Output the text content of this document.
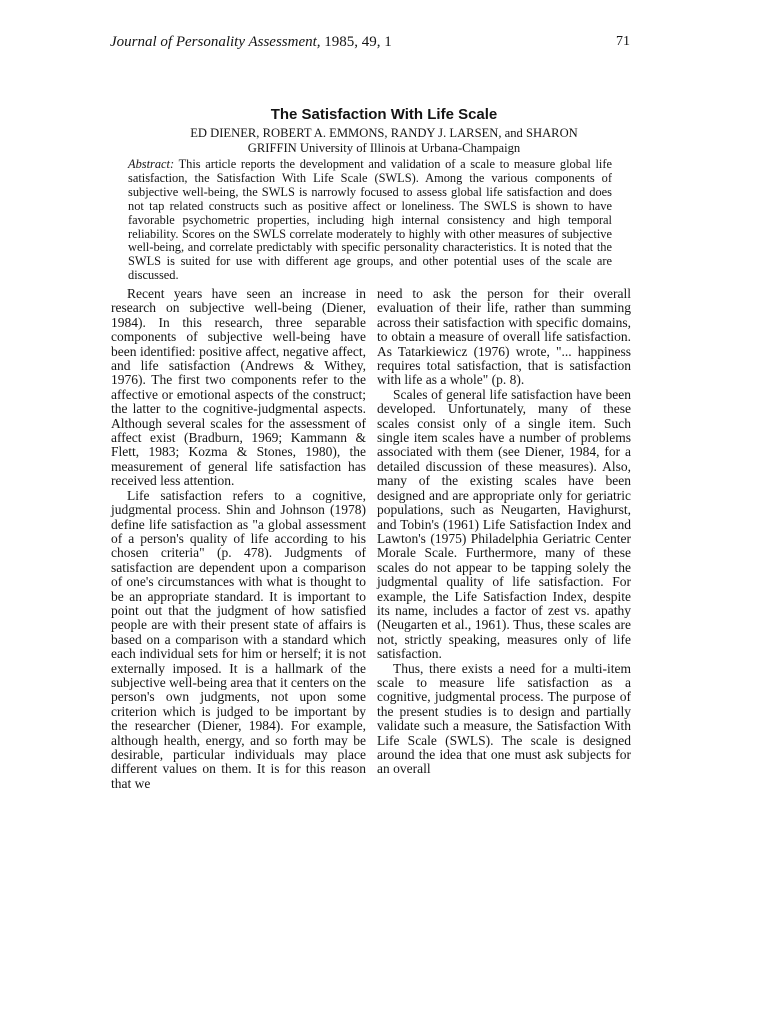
Journal of Personality Assessment, 1985, 49, 1	71
The Satisfaction With Life Scale
ED DIENER, ROBERT A. EMMONS, RANDY J. LARSEN, and SHARON
GRIFFIN University of Illinois at Urbana-Champaign
Abstract: This article reports the development and validation of a scale to measure global life satisfaction, the Satisfaction With Life Scale (SWLS). Among the various components of subjective well-being, the SWLS is narrowly focused to assess global life satisfaction and does not tap related constructs such as positive affect or loneliness. The SWLS is shown to have favorable psychometric properties, including high internal consistency and high temporal reliability. Scores on the SWLS correlate moderately to highly with other measures of subjective well-being, and correlate predictably with specific personality characteristics. It is noted that the SWLS is suited for use with different age groups, and other potential uses of the scale are discussed.

Recent years have seen an increase in research on subjective well-being (Diener, 1984). In this research, three separable components of subjective well-being have been identified: positive affect, negative affect, and life satisfaction (Andrews & Withey, 1976). The first two components refer to the affective or emotional aspects of the construct; the latter to the cognitive-judgmental aspects. Although several scales for the assessment of affect exist (Bradburn, 1969; Kammann & Flett, 1983; Kozma & Stones, 1980), the measurement of general life satisfaction has received less attention.

Life satisfaction refers to a cognitive, judgmental process. Shin and Johnson (1978) define life satisfaction as "a global assessment of a person's quality of life according to his chosen criteria" (p. 478). Judgments of satisfaction are dependent upon a comparison of one's circumstances with what is thought to be an appropriate standard. It is important to point out that the judgment of how satisfied people are with their present state of affairs is based on a comparison with a standard which each individual sets for him or herself; it is not externally imposed. It is a hallmark of the subjective well-being area that it centers on the person's own judgments, not upon some criterion which is judged to be important by the researcher (Diener, 1984). For example, although health, energy, and so forth may be desirable, particular individuals may place different values on them. It is for this reason that we

need to ask the person for their overall evaluation of their life, rather than summing across their satisfaction with specific domains, to obtain a measure of overall life satisfaction. As Tatarkiewicz (1976) wrote, "... happiness requires total satisfaction, that is satisfaction with life as a whole" (p. 8).

Scales of general life satisfaction have been developed. Unfortunately, many of these scales consist only of a single item. Such single item scales have a number of problems associated with them (see Diener, 1984, for a detailed discussion of these measures). Also, many of the existing scales have been designed and are appropriate only for geriatric populations, such as Neugarten, Havighurst, and Tobin's (1961) Life Satisfaction Index and Lawton's (1975) Philadelphia Geriatric Center Morale Scale. Furthermore, many of these scales do not appear to be tapping solely the judgmental quality of life satisfaction. For example, the Life Satisfaction Index, despite its name, includes a factor of zest vs. apathy (Neugarten et al., 1961). Thus, these scales are not, strictly speaking, measures only of life satisfaction.

Thus, there exists a need for a multi-item scale to measure life satisfaction as a cognitive, judgmental process. The purpose of the present studies is to design and partially validate such a measure, the Satisfaction With Life Scale (SWLS). The scale is designed around the idea that one must ask subjects for an overall
